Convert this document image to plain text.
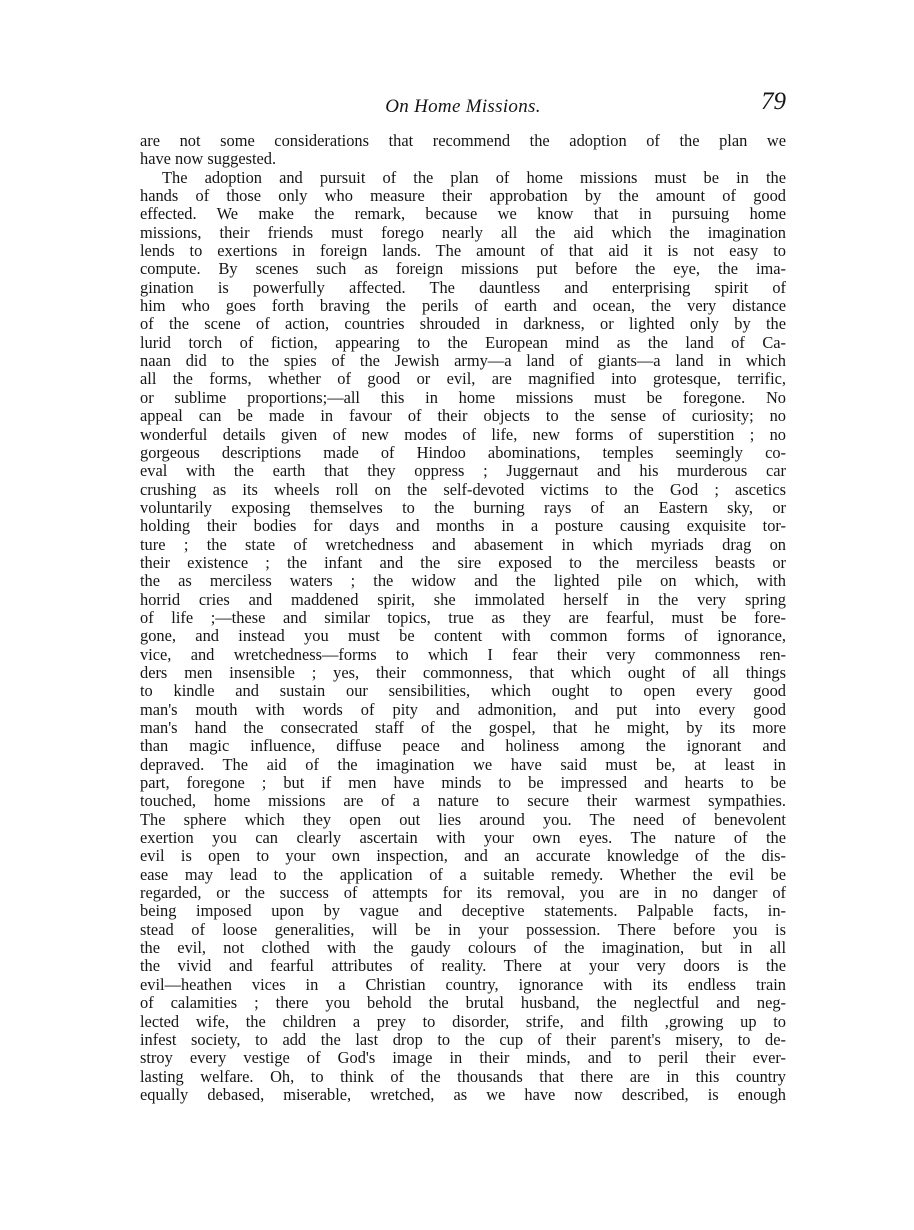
On Home Missions.	79
are not some considerations that recommend the adoption of the plan we
have now suggested.
The adoption and pursuit of the plan of home missions must be in the
hands of those only who measure their approbation by the amount of good
effected. We make the remark, because we know that in pursuing home
missions, their friends must forego nearly all the aid which the imagination
lends to exertions in foreign lands. The amount of that aid it is not easy to
compute. By scenes such as foreign missions put before the eye, the ima-
gination is powerfully affected. The dauntless and enterprising spirit of
him who goes forth braving the perils of earth and ocean, the very distance
of the scene of action, countries shrouded in darkness, or lighted only by the
lurid torch of fiction, appearing to the European mind as the land of Ca-
naan did to the spies of the Jewish army—a land of giants—a land in which
all the forms, whether of good or evil, are magnified into grotesque, terrific,
or sublime proportions;—all this in home missions must be foregone. No
appeal can be made in favour of their objects to the sense of curiosity; no
wonderful details given of new modes of life, new forms of superstition ; no
gorgeous descriptions made of Hindoo abominations, temples seemingly co-
eval with the earth that they oppress ; Juggernaut and his murderous car
crushing as its wheels roll on the self-devoted victims to the God ; ascetics
voluntarily exposing themselves to the burning rays of an Eastern sky, or
holding their bodies for days and months in a posture causing exquisite tor-
ture ; the state of wretchedness and abasement in which myriads drag on
their existence ; the infant and the sire exposed to the merciless beasts or
the as merciless waters ; the widow and the lighted pile on which, with
horrid cries and maddened spirit, she immolated herself in the very spring
of life ;—these and similar topics, true as they are fearful, must be fore-
gone, and instead you must be content with common forms of ignorance,
vice, and wretchedness—forms to which I fear their very commonness ren-
ders men insensible ; yes, their commonness, that which ought of all things
to kindle and sustain our sensibilities, which ought to open every good
man's mouth with words of pity and admonition, and put into every good
man's hand the consecrated staff of the gospel, that he might, by its more
than magic influence, diffuse peace and holiness among the ignorant and
depraved. The aid of the imagination we have said must be, at least in
part, foregone ; but if men have minds to be impressed and hearts to be
touched, home missions are of a nature to secure their warmest sympathies.
The sphere which they open out lies around you. The need of benevolent
exertion you can clearly ascertain with your own eyes. The nature of the
evil is open to your own inspection, and an accurate knowledge of the dis-
ease may lead to the application of a suitable remedy. Whether the evil be
regarded, or the success of attempts for its removal, you are in no danger of
being imposed upon by vague and deceptive statements. Palpable facts, in-
stead of loose generalities, will be in your possession. There before you is
the evil, not clothed with the gaudy colours of the imagination, but in all
the vivid and fearful attributes of reality. There at your very doors is the
evil—heathen vices in a Christian country, ignorance with its endless train
of calamities ; there you behold the brutal husband, the neglectful and neg-
lected wife, the children a prey to disorder, strife, and filth ,growing up to
infest society, to add the last drop to the cup of their parent's misery, to de-
stroy every vestige of God's image in their minds, and to peril their ever-
lasting welfare. Oh, to think of the thousands that there are in this country
equally debased, miserable, wretched, as we have now described, is enough
